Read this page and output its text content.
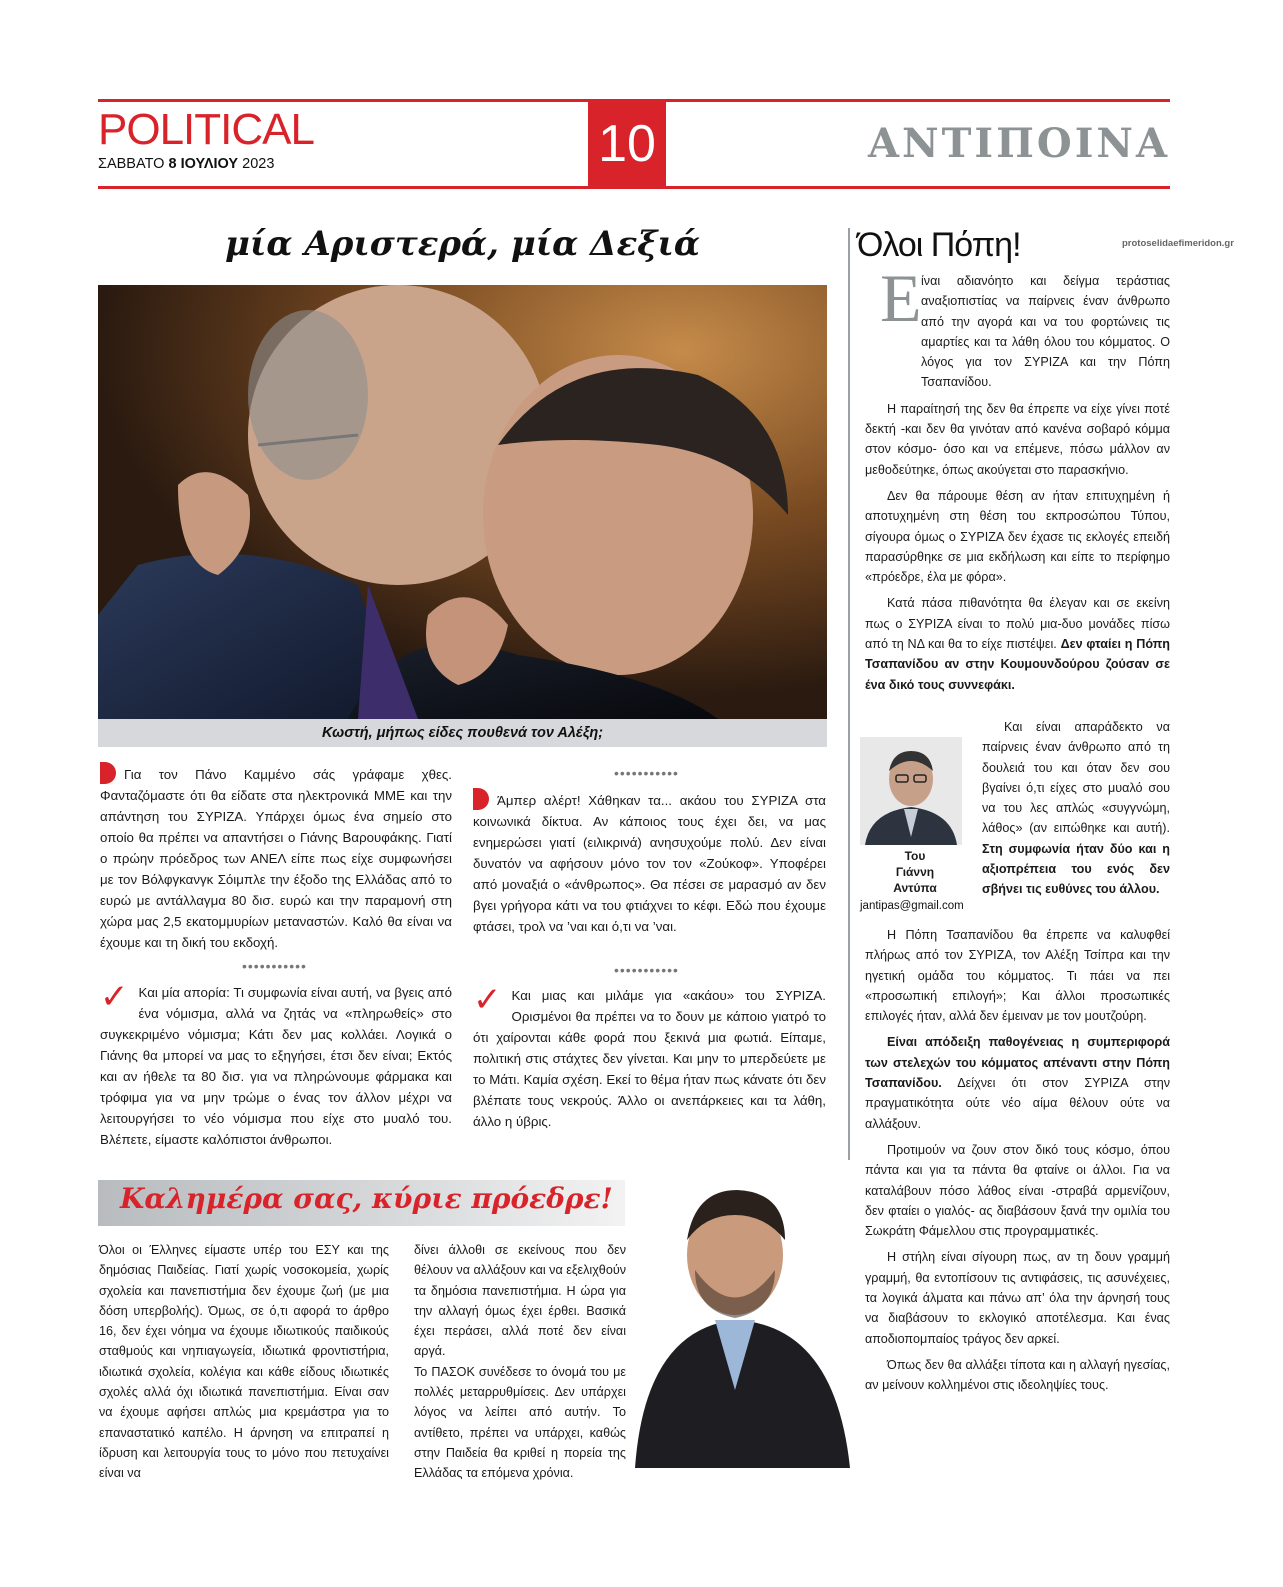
POLITICAL
ΣΑΒΒΑΤΟ 8 ΙΟΥΛΙΟΥ 2023	10	ΑΝΤΙΠΟΙΝΑ
μία Αριστερά, μία Δεξιά
Κωστή, μήπως είδες πουθενά τον Αλέξη;

Για τον Πάνο Καμμένο σάς γράφαμε χθες. Φανταζόμαστε ότι θα είδατε στα ηλεκτρονικά ΜΜΕ και την απάντηση του ΣΥΡΙΖΑ. Υπάρχει όμως ένα σημείο στο οποίο θα πρέπει να απαντήσει ο Γιάνης Βαρουφάκης. Γιατί ο πρώην πρόεδρος των ΑΝΕΛ είπε πως είχε συμφωνήσει με τον Βόλφγκανγκ Σόιμπλε την έξοδο της Ελλάδας από το ευρώ με αντάλλαγμα 80 δισ. ευρώ και την παραμονή στη χώρα μας 2,5 εκατομμυρίων μεταναστών. Καλό θα είναι να έχουμε και τη δική του εκδοχή.

•••••••••••

✓ Και μία απορία: Τι συμφωνία είναι αυτή, να βγεις από ένα νόμισμα, αλλά να ζητάς να «πληρωθείς» στο συγκεκριμένο νόμισμα; Κάτι δεν μας κολλάει. Λογικά ο Γιάνης θα μπορεί να μας το εξηγήσει, έτσι δεν είναι; Εκτός και αν ήθελε τα 80 δισ. για να πληρώνουμε φάρμακα και τρόφιμα για να μην τρώμε ο ένας τον άλλον μέχρι να λειτουργήσει το νέο νόμισμα που είχε στο μυαλό του. Βλέπετε, είμαστε καλόπιστοι άνθρωποι.

•••••••••••

Άμπερ αλέρτ! Χάθηκαν τα... ακάου του ΣΥΡΙΖΑ στα κοινωνικά δίκτυα. Αν κάποιος τους έχει δει, να μας ενημερώσει γιατί (ειλικρινά) ανησυχούμε πολύ. Δεν είναι δυνατόν να αφήσουν μόνο τον τον «Ζούκοφ». Υποφέρει από μοναξιά ο «άνθρωπος». Θα πέσει σε μαρασμό αν δεν βγει γρήγορα κάτι να του φτιάχνει το κέφι. Εδώ που έχουμε φτάσει, τρολ να ’ναι και ό,τι να ’ναι.

•••••••••••

✓ Και μιας και μιλάμε για «ακάου» του ΣΥΡΙΖΑ. Ορισμένοι θα πρέπει να το δουν με κάποιο γιατρό το ότι χαίρονται κάθε φορά που ξεκινά μια φωτιά. Είπαμε, πολιτική στις στάχτες δεν γίνεται. Και μην το μπερδεύετε με το Μάτι. Καμία σχέση. Εκεί το θέμα ήταν πως κάνατε ότι δεν βλέπατε τους νεκρούς. Άλλο οι ανεπάρκειες και τα λάθη, άλλο η ύβρις.

Καλημέρα σας, κύριε πρόεδρε!

Όλοι οι Έλληνες είμαστε υπέρ του ΕΣΥ και της δημόσιας Παιδείας. Γιατί χωρίς νοσοκομεία, χωρίς σχολεία και πανεπιστήμια δεν έχουμε ζωή (με μια δόση υπερβολής). Όμως, σε ό,τι αφορά το άρθρο 16, δεν έχει νόημα να έχουμε ιδιωτικούς παιδικούς σταθμούς και νηπιαγωγεία, ιδιωτικά φροντιστήρια, ιδιωτικά σχολεία, κολέγια και κάθε είδους ιδιωτικές σχολές αλλά όχι ιδιωτικά πανεπιστήμια. Είναι σαν να έχουμε αφήσει απλώς μια κρεμάστρα για το επαναστατικό καπέλο. Η άρνηση να επιτραπεί η ίδρυση και λειτουργία τους το μόνο που πετυχαίνει είναι να

δίνει άλλοθι σε εκείνους που δεν θέλουν να αλλάξουν και να εξελιχθούν τα δημόσια πανεπιστήμια. Η ώρα για την αλλαγή όμως έχει έρθει. Βασικά έχει περάσει, αλλά ποτέ δεν είναι αργά.

Το ΠΑΣΟΚ συνέδεσε το όνομά του με πολλές μεταρρυθμίσεις. Δεν υπάρχει λόγος να λείπει από αυτήν. Το αντίθετο, πρέπει να υπάρχει, καθώς στην Παιδεία θα κριθεί η πορεία της Ελλάδας τα επόμενα χρόνια.

Όλοι Πόπη!	protoselidaefimeridon.gr
Ε ίναι αδιανόητο και δείγμα τεράστιας αναξιοπιστίας να παίρνεις έναν άνθρωπο από την αγορά και να του φορτώνεις τις αμαρτίες και τα λάθη όλου του κόμματος. Ο λόγος για τον ΣΥΡΙΖΑ και την Πόπη Τσαπανίδου.

Η παραίτησή της δεν θα έπρεπε να είχε γίνει ποτέ δεκτή -και δεν θα γινόταν από κανένα σοβαρό κόμμα στον κόσμο- όσο και να επέμενε, πόσω μάλλον αν μεθοδεύτηκε, όπως ακούγεται στο παρασκήνιο.

Δεν θα πάρουμε θέση αν ήταν επιτυχημένη ή αποτυχημένη στη θέση του εκπροσώπου Τύπου, σίγουρα όμως ο ΣΥΡΙΖΑ δεν έχασε τις εκλογές επειδή παρασύρθηκε σε μια εκδήλωση και είπε το περίφημο «πρόεδρε, έλα με φόρα».

Κατά πάσα πιθανότητα θα έλεγαν και σε εκείνη πως ο ΣΥΡΙΖΑ είναι το πολύ μια-δυο μονάδες πίσω από τη ΝΔ και θα το είχε πιστέψει. Δεν φταίει η Πόπη Τσαπανίδου αν στην Κουμουνδούρου ζούσαν σε ένα δικό τους συννεφάκι.

Του
Γιάννη
Αντύπα
jantipas@gmail.com

Και είναι απαράδεκτο να παίρνεις έναν άνθρωπο από τη δουλειά του και όταν δεν σου βγαίνει ό,τι είχες στο μυαλό σου να του λες απλώς «συγγνώμη, λάθος» (αν ειπώθηκε και αυτή). Στη συμφωνία ήταν δύο και η αξιοπρέπεια του ενός δεν σβήνει τις ευθύνες του άλλου.

Η Πόπη Τσαπανίδου θα έπρεπε να καλυφθεί πλήρως από τον ΣΥΡΙΖΑ, τον Αλέξη Τσίπρα και την ηγετική ομάδα του κόμματος. Τι πάει να πει «προσωπική επιλογή»; Και άλλοι προσωπικές επιλογές ήταν, αλλά δεν έμειναν με τον μουτζούρη.

Είναι απόδειξη παθογένειας η συμπεριφορά των στελεχών του κόμματος απέναντι στην Πόπη Τσαπανίδου. Δείχνει ότι στον ΣΥΡΙΖΑ στην πραγματικότητα ούτε νέο αίμα θέλουν ούτε να αλλάξουν.

Προτιμούν να ζουν στον δικό τους κόσμο, όπου πάντα και για τα πάντα θα φταίνε οι άλλοι. Για να καταλάβουν πόσο λάθος είναι -στραβά αρμενίζουν, δεν φταίει ο γιαλός- ας διαβάσουν ξανά την ομιλία του Σωκράτη Φάμελλου στις προγραμματικές.

Η στήλη είναι σίγουρη πως, αν τη δουν γραμμή γραμμή, θα εντοπίσουν τις αντιφάσεις, τις ασυνέχειες, τα λογικά άλματα και πάνω απ’ όλα την άρνησή τους να διαβάσουν το εκλογικό αποτέλεσμα. Και ένας αποδιοπομπαίος τράγος δεν αρκεί.

Όπως δεν θα αλλάξει τίποτα και η αλλαγή ηγεσίας, αν μείνουν κολλημένοι στις ιδεοληψίες τους.
